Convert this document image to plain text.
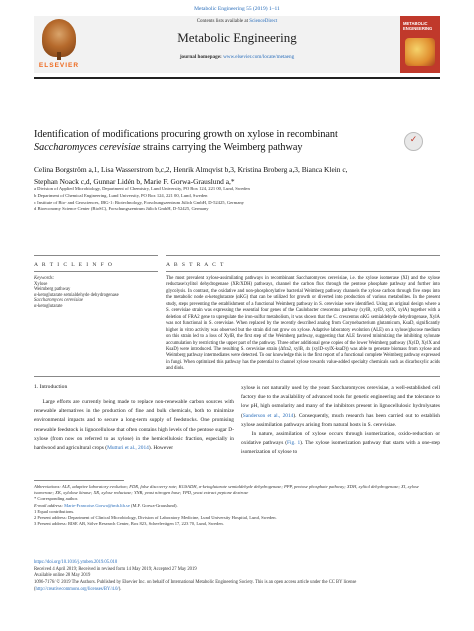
Metabolic Engineering 55 (2019) 1–11
ELSEVIER
Contents lists available at ScienceDirect
Metabolic Engineering
journal homepage: www.elsevier.com/locate/metaeng
METABOLIC ENGINEERING
Identification of modifications procuring growth on xylose in recombinant
Saccharomyces cerevisiae strains carrying the Weimberg pathway
✓
Celina Borgström a,1, Lisa Wasserstrom b,c,2, Henrik Almqvist b,3, Kristina Broberg a,3, Bianca Klein c,
Stephan Noack c,d, Gunnar Lidén b, Marie F. Gorwa-Grauslund a,*
a Division of Applied Microbiology, Department of Chemistry, Lund University, PO Box 124, 221 00, Lund, Sweden
b Department of Chemical Engineering, Lund University, PO Box 124, 221 00, Lund, Sweden
c Institute of Bio- and Geosciences, IBG-1: Biotechnology, Forschungszentrum Jülich GmbH, D-52425, Germany
d Bioeconomy Science Center (BioSC), Forschungszentrum Jülich GmbH, D-52425, Germany
A R T I C L E I N F O	A B S T R A C T
Keywords:
Xylose
Weimberg pathway
α-ketoglutarate semialdehyde dehydrogenase
Saccharomyces cerevisiae
α-ketoglutarate
The most prevalent xylose-assimilating pathways in recombinant Saccharomyces cerevisiae, i.e. the xylose isomerase (XI) and the xylose reductase/xylitol dehydrogenase (XR/XDH) pathways, channel the carbon flux through the pentose phosphate pathway and further into glycolysis. In contrast, the oxidative and non-phosphorylative bacterial Weimberg pathway channels the xylose carbon through five steps into the metabolic node α-ketoglutarate (αKG) that can be utilized for growth or diverted into production of various metabolites. In the present study, steps preventing the establishment of a functional Weimberg pathway in S. cerevisiae were identified. Using an original design where a S. cerevisiae strain was expressing the essential four genes of the Caulobacter crescentus pathway (xylB, xylD, xylX, xylA) together with a deletion of FRA2 gene to upregulate the iron-sulfur metabolism, it was shown that the C. crescentus αKG semialdehyde dehydrogenase, XylA was not functional in S. cerevisiae. When replaced by the recently described analog from Corynebacterium glutamicum, KsaD, significantly higher in vitro activity was observed but the strain did not grow on xylose. Adaptive laboratory evolution (ALE) on a xylose/glucose medium on this strain led to a loss of XylB, the first step of the Weimberg pathway, suggesting that ALE favored minimizing the inhibiting xylonate accumulation by restricting the upper part of the pathway. Three other additional gene copies of the lower Weimberg pathway (XylD, XylX and KsaD) were introduced. The resulting S. cerevisiae strain (Δfra2, xylB, 4x (xylD-xylX-ksaD)) was able to generate biomass from xylose and Weimberg pathway intermediates were detected. To our knowledge this is the first report of a functional complete Weimberg pathway expressed in fungi. When optimized this pathway has the potential to channel xylose towards value-added specialty chemicals such as dicarboxylic acids and diols.
1. Introduction
Large efforts are currently being made to replace non-renewable carbon sources with renewable alternatives in the production of fine and bulk chemicals, both to minimize environmental impacts and to secure a long-term supply of feedstocks. One promising renewable feedstock is lignocellulose that often contains high levels of the pentose sugar D-xylose (from now on referred to as xylose) in the hemicellulosic fraction, especially in hardwood and agricultural crops (Mutturi et al., 2014). However
xylose is not naturally used by the yeast Saccharomyces cerevisiae, a well-established cell factory due to the availability of advanced tools for genetic engineering and the tolerance to low pH, high osmolarity and many of the inhibitors present in lignocellulosic hydrolysates (Sanderson et al., 2014). Consequently, much research has been carried out to establish xylose assimilation pathways arising from natural hosts in S. cerevisiae.
In nature, assimilation of xylose occurs through isomerization, oxido-reduction or oxidative pathways (Fig. 1). The xylose isomerization pathway that starts with a one-step isomerization of xylose to

Abbreviations: ALE, adaptive laboratory evolution; FDR, false discovery rate; KGSADH, α-ketoglutarate semialdehyde dehydrogenase; PPP, pentose phosphate pathway; XDH, xylitol dehydrogenase; XI, xylose isomerase; XK, xylulose kinase; XR, xylose reductase; YNB, yeast nitrogen base; YPD, yeast extract peptone dextrose

* Corresponding author.

E-mail address: Marie-Francoise.Gorwa@tmb.lth.se (M.F. Gorwa-Grauslund).

1 Equal contributions.

2 Present address: Department of Clinical Microbiology, Division of Laboratory Medicine, Lund University Hospital, Lund, Sweden.

3 Present address: RISE AB, Sölve Research Center, Box 823, Scheelevägen 17, 223 70, Lund, Sweden.

https://doi.org/10.1016/j.ymben.2019.05.010

Received 4 April 2019; Received in revised form 14 May 2019; Accepted 27 May 2019

Available online 28 May 2019

1096-7176/ © 2019 The Authors. Published by Elsevier Inc. on behalf of International Metabolic Engineering Society. This is an open access article under the CC BY license (http://creativecommons.org/licenses/BY/4.0/).
